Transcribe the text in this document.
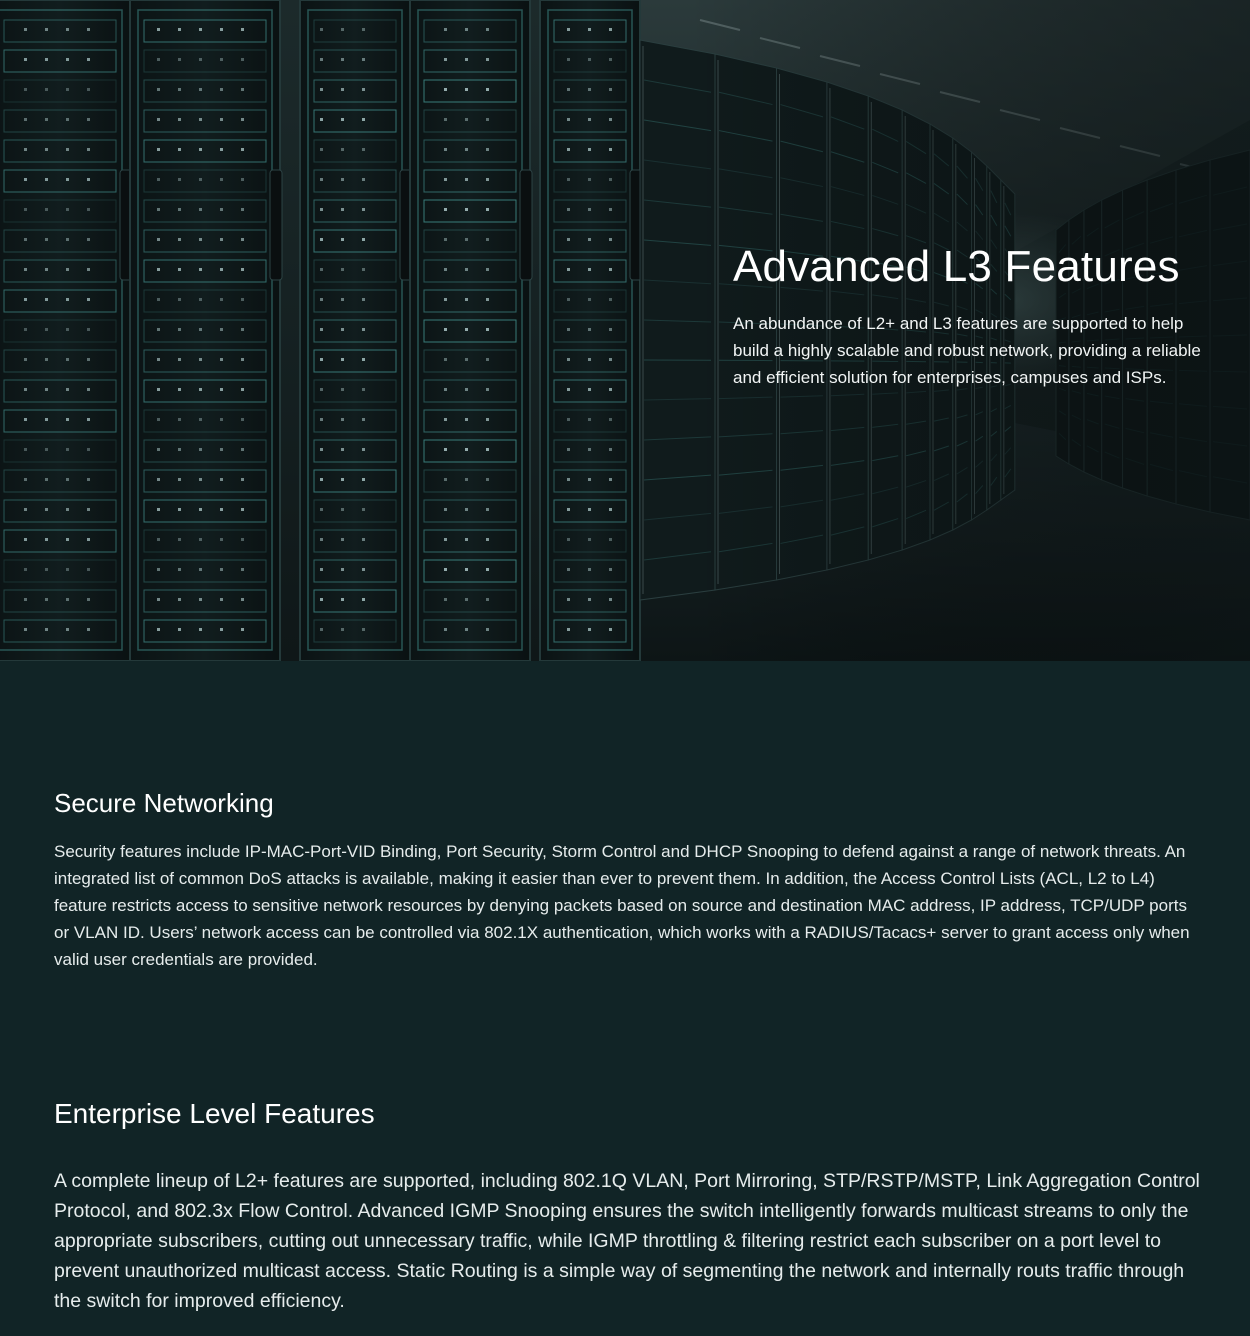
Advanced L3 Features

An abundance of L2+ and L3 features are supported to help build a highly scalable and robust network, providing a reliable and efficient solution for enterprises, campuses and ISPs.

Secure Networking

Security features include IP-MAC-Port-VID Binding, Port Security, Storm Control and DHCP Snooping to defend against a range of network threats. An integrated list of common DoS attacks is available, making it easier than ever to prevent them. In addition, the Access Control Lists (ACL, L2 to L4) feature restricts access to sensitive network resources by denying packets based on source and destination MAC address, IP address, TCP/UDP ports or VLAN ID. Users’ network access can be controlled via 802.1X authentication, which works with a RADIUS/Tacacs+ server to grant access only when valid user credentials are provided.

Enterprise Level Features

A complete lineup of L2+ features are supported, including 802.1Q VLAN, Port Mirroring, STP/RSTP/MSTP, Link Aggregation Control Protocol, and 802.3x Flow Control. Advanced IGMP Snooping ensures the switch intelligently forwards multicast streams to only the appropriate subscribers, cutting out unnecessary traffic, while IGMP throttling & filtering restrict each subscriber on a port level to prevent unauthorized multicast access. Static Routing is a simple way of segmenting the network and internally routs traffic through the switch for improved efficiency.
